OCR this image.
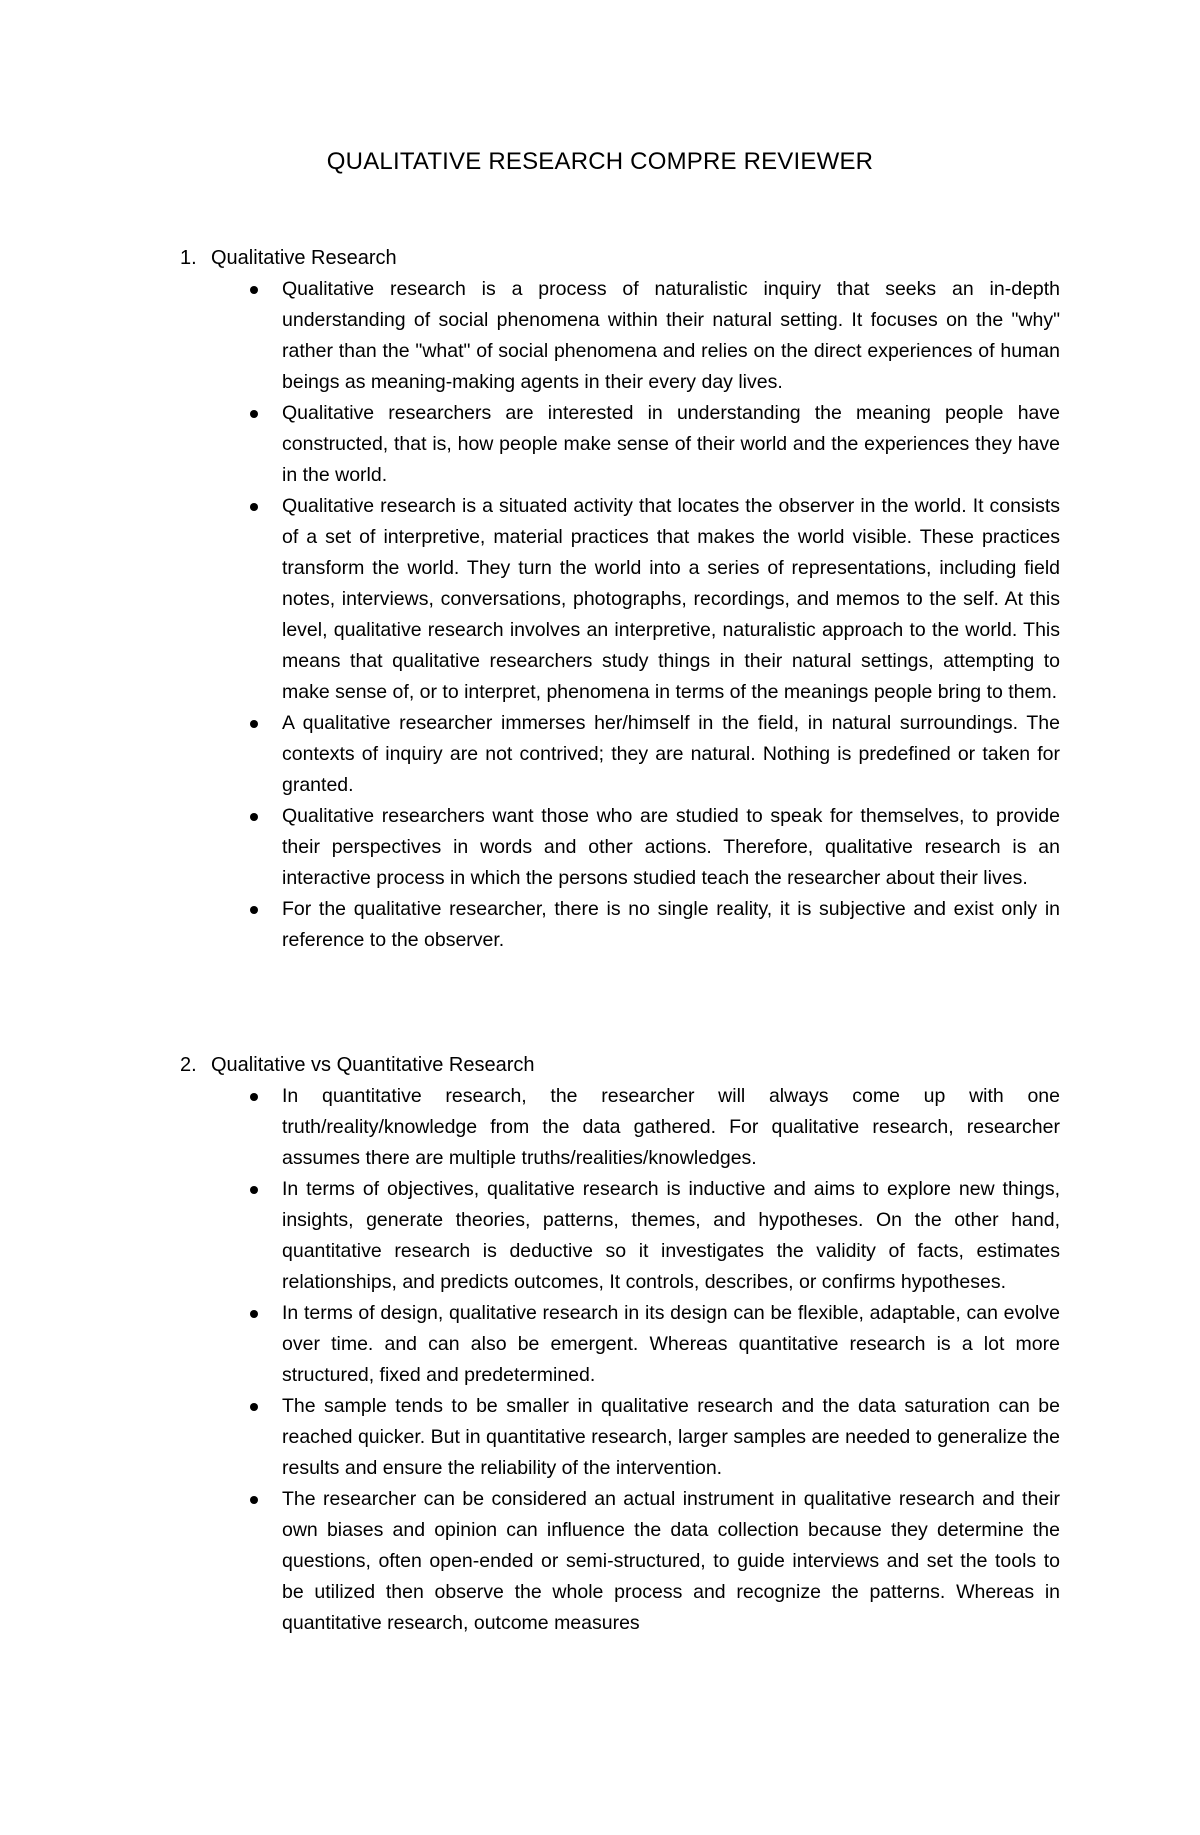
QUALITATIVE RESEARCH COMPRE REVIEWER
1. Qualitative Research
Qualitative research is a process of naturalistic inquiry that seeks an in-depth understanding of social phenomena within their natural setting. It focuses on the "why" rather than the "what" of social phenomena and relies on the direct experiences of human beings as meaning-making agents in their every day lives.
Qualitative researchers are interested in understanding the meaning people have constructed, that is, how people make sense of their world and the experiences they have in the world.
Qualitative research is a situated activity that locates the observer in the world. It consists of a set of interpretive, material practices that makes the world visible. These practices transform the world. They turn the world into a series of representations, including field notes, interviews, conversations, photographs, recordings, and memos to the self. At this level, qualitative research involves an interpretive, naturalistic approach to the world. This means that qualitative researchers study things in their natural settings, attempting to make sense of, or to interpret, phenomena in terms of the meanings people bring to them.
A qualitative researcher immerses her/himself in the field, in natural surroundings. The contexts of inquiry are not contrived; they are natural. Nothing is predefined or taken for granted.
Qualitative researchers want those who are studied to speak for themselves, to provide their perspectives in words and other actions. Therefore, qualitative research is an interactive process in which the persons studied teach the researcher about their lives.
For the qualitative researcher, there is no single reality, it is subjective and exist only in reference to the observer.
2. Qualitative vs Quantitative Research
In quantitative research, the researcher will always come up with one truth/reality/knowledge from the data gathered. For qualitative research, researcher assumes there are multiple truths/realities/knowledges.
In terms of objectives, qualitative research is inductive and aims to explore new things, insights, generate theories, patterns, themes, and hypotheses. On the other hand, quantitative research is deductive so it investigates the validity of facts, estimates relationships, and predicts outcomes, It controls, describes, or confirms hypotheses.
In terms of design, qualitative research in its design can be flexible, adaptable, can evolve over time. and can also be emergent. Whereas quantitative research is a lot more structured, fixed and predetermined.
The sample tends to be smaller in qualitative research and the data saturation can be reached quicker. But in quantitative research, larger samples are needed to generalize the results and ensure the reliability of the intervention.
The researcher can be considered an actual instrument in qualitative research and their own biases and opinion can influence the data collection because they determine the questions, often open-ended or semi-structured, to guide interviews and set the tools to be utilized then observe the whole process and recognize the patterns. Whereas in quantitative research, outcome measures
